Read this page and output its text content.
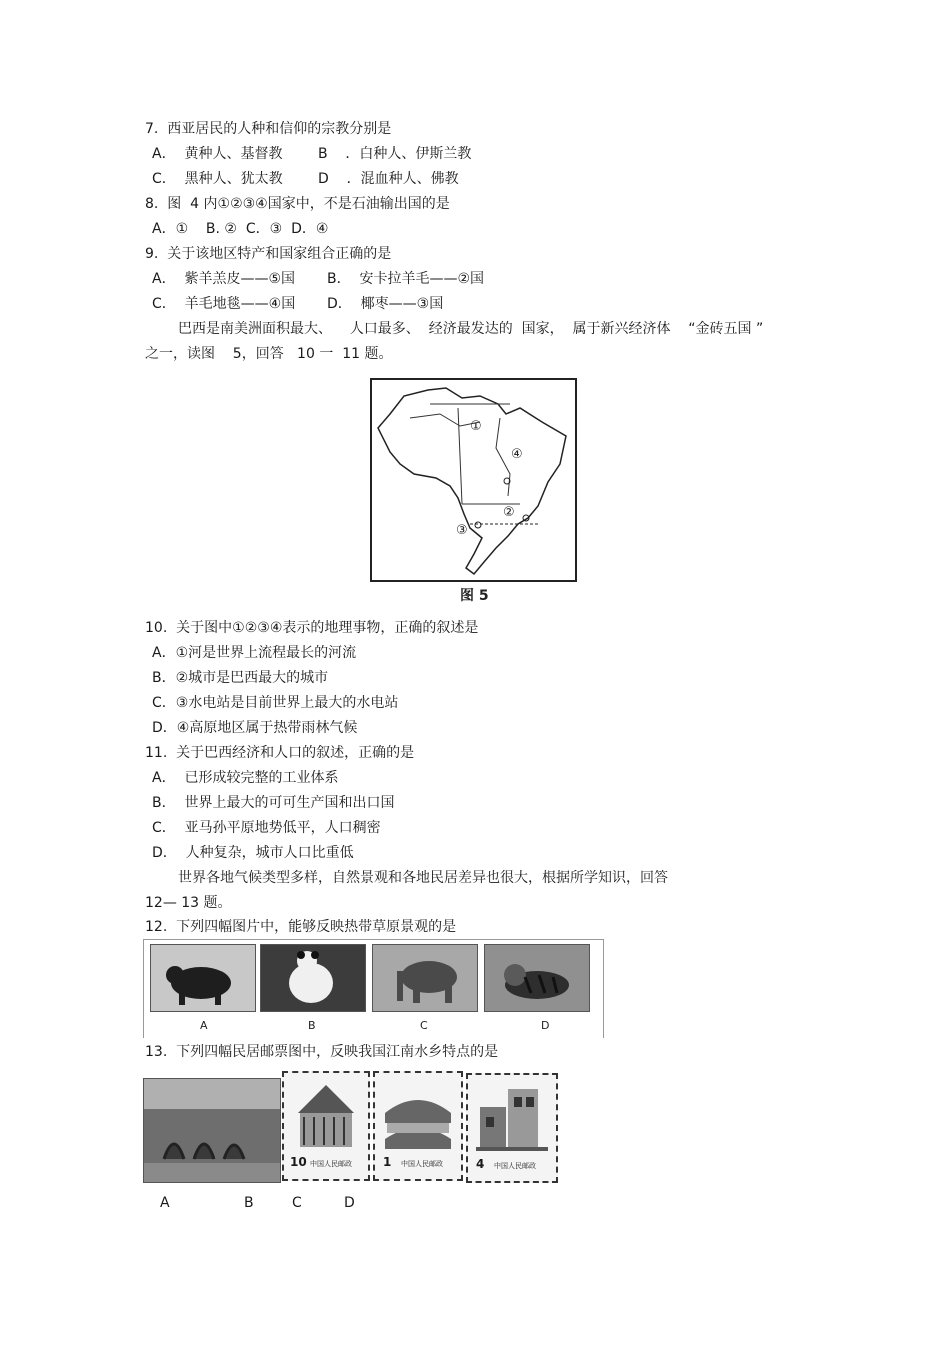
7.  西亚居民的人种和信仰的宗教分别是
A．  黄种人、基督教	B    ．白种人、伊斯兰教
C．  黑种人、犹太教	D    ．混血种人、佛教
8.  图  4 内①②③④国家中，不是石油输出国的是
A．①    B. ②  C．③  D．④
9.  关于该地区特产和国家组合正确的是
A．  紫羊羔皮——⑤国 B．  安卡拉羊毛——②国
C．  羊毛地毯——④国 D．  椰枣——③国
巴西是南美洲面积最大、    人口最多、  经济最发达的  国家，  属于新兴经济体    “金砖五国 ”
之一，读图    5，回答   10 一  11 题。
①
②
③
④
图 5
10.  关于图中①②③④表示的地理事物，正确的叙述是
A．①河是世界上流程最长的河流
B．②城市是巴西最大的城市
C．③水电站是目前世界上最大的水电站
D．④高原地区属于热带雨林气候
11.  关于巴西经济和人口的叙述，正确的是
A．  已形成较完整的工业体系
B．  世界上最大的可可生产国和出口国
C．  亚马孙平原地势低平，人口稠密
D．  人种复杂，城市人口比重低
世界各地气候类型多样，自然景观和各地民居差异也很大，根据所学知识，回答
12— 13 题。
12.  下列四幅图片中，能够反映热带草原景观的是
A	B	C	D
13.  下列四幅民居邮票图中，反映我国江南水乡特点的是
10 中国人民邮政	1 中国人民邮政	4 中国人民邮政
A	B	C	D
